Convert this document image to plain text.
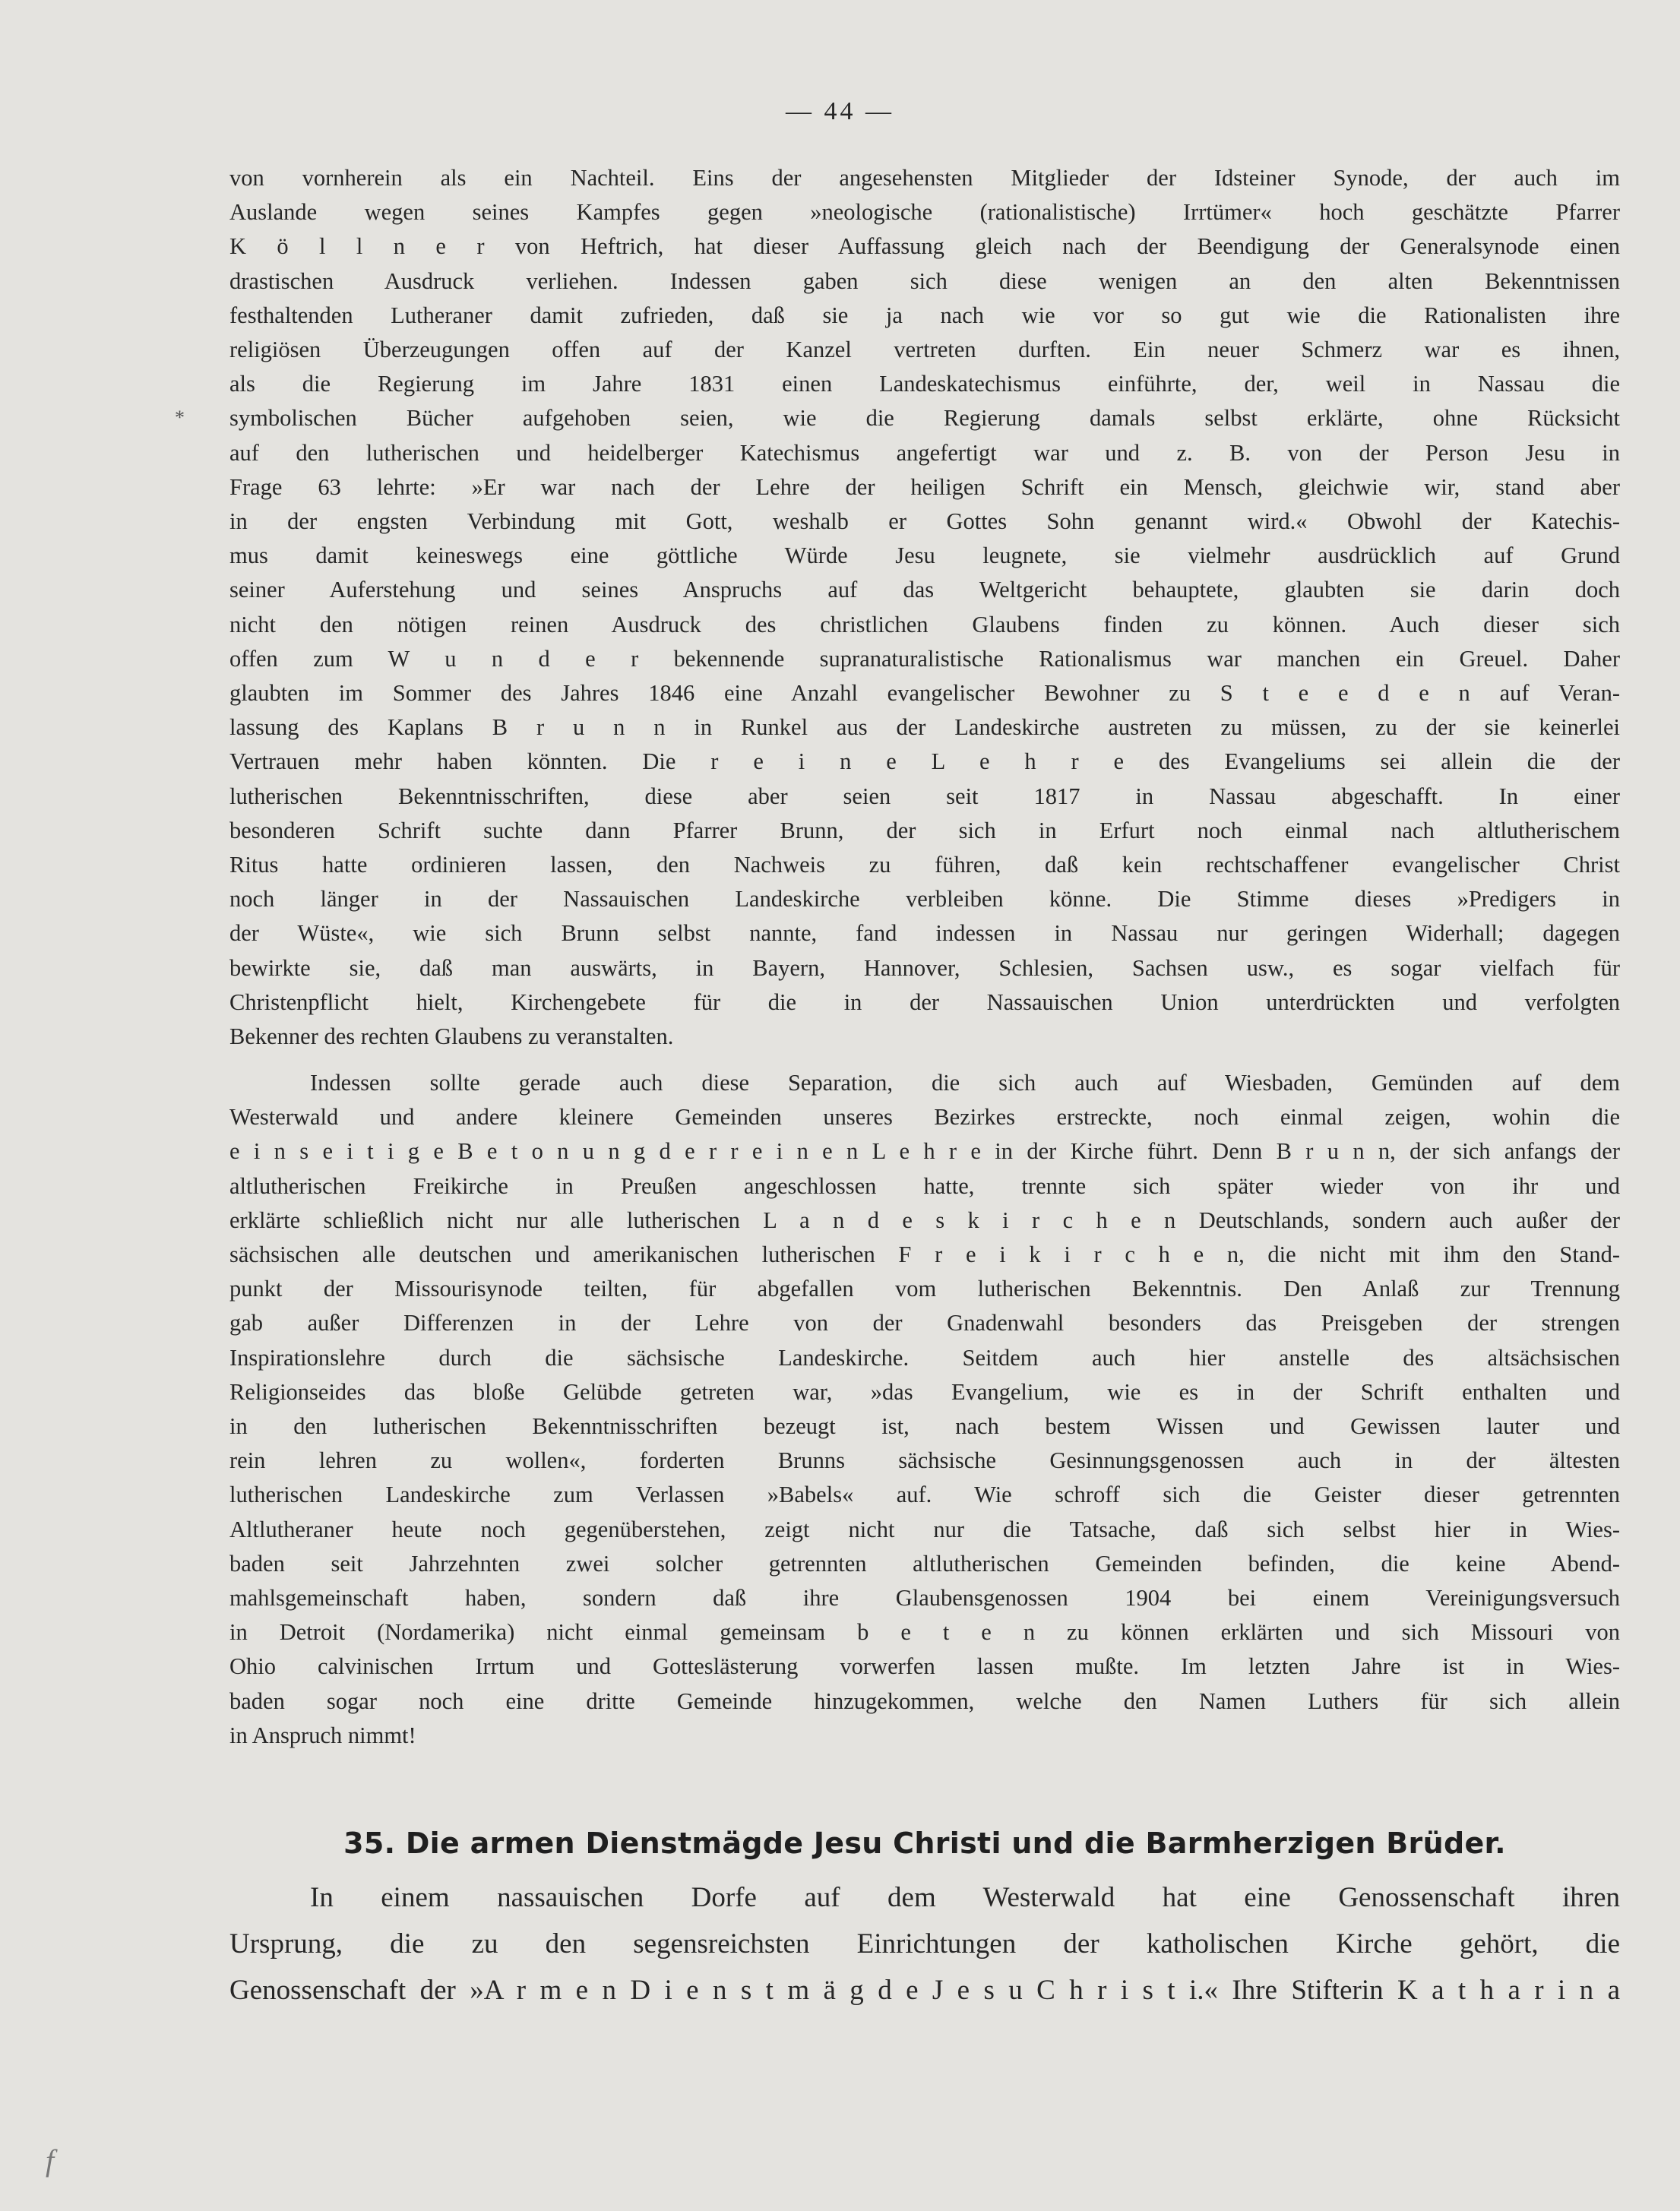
— 44 —

von vornherein als ein Nachteil. Eins der angesehensten Mitglieder der Idsteiner Synode, der auch im

Auslande wegen seines Kampfes gegen »neologische (rationalistische) Irrtümer« hoch geschätzte Pfarrer

K ö l l n e r von Heftrich, hat dieser Auffassung gleich nach der Beendigung der Generalsynode einen

drastischen Ausdruck verliehen. Indessen gaben sich diese wenigen an den alten Bekenntnissen

festhaltenden Lutheraner damit zufrieden, daß sie ja nach wie vor so gut wie die Rationalisten ihre

religiösen Überzeugungen offen auf der Kanzel vertreten durften. Ein neuer Schmerz war es ihnen,

als die Regierung im Jahre 1831 einen Landeskatechismus einführte, der, weil in Nassau die

symbolischen Bücher aufgehoben seien, wie die Regierung damals selbst erklärte, ohne Rücksicht

auf den lutherischen und heidelberger Katechismus angefertigt war und z. B. von der Person Jesu in

Frage 63 lehrte: »Er war nach der Lehre der heiligen Schrift ein Mensch, gleichwie wir, stand aber

in der engsten Verbindung mit Gott, weshalb er Gottes Sohn genannt wird.« Obwohl der Katechis-

mus damit keineswegs eine göttliche Würde Jesu leugnete, sie vielmehr ausdrücklich auf Grund

seiner Auferstehung und seines Anspruchs auf das Weltgericht behauptete, glaubten sie darin doch

nicht den nötigen reinen Ausdruck des christlichen Glaubens finden zu können. Auch dieser sich

offen zum W u n d e r bekennende supranaturalistische Rationalismus war manchen ein Greuel. Daher

glaubten im Sommer des Jahres 1846 eine Anzahl evangelischer Bewohner zu S t e e d e n auf Veran-

lassung des Kaplans B r u n n in Runkel aus der Landeskirche austreten zu müssen, zu der sie keinerlei

Vertrauen mehr haben könnten. Die r e i n e L e h r e des Evangeliums sei allein die der

lutherischen Bekenntnisschriften, diese aber seien seit 1817 in Nassau abgeschafft. In einer

besonderen Schrift suchte dann Pfarrer Brunn, der sich in Erfurt noch einmal nach altlutherischem

Ritus hatte ordinieren lassen, den Nachweis zu führen, daß kein rechtschaffener evangelischer Christ

noch länger in der Nassauischen Landeskirche verbleiben könne. Die Stimme dieses »Predigers in

der Wüste«, wie sich Brunn selbst nannte, fand indessen in Nassau nur geringen Widerhall; dagegen

bewirkte sie, daß man auswärts, in Bayern, Hannover, Schlesien, Sachsen usw., es sogar vielfach für

Christenpflicht hielt, Kirchengebete für die in der Nassauischen Union unterdrückten und verfolgten

Bekenner des rechten Glaubens zu veranstalten.

Indessen sollte gerade auch diese Separation, die sich auch auf Wiesbaden, Gemünden auf dem

Westerwald und andere kleinere Gemeinden unseres Bezirkes erstreckte, noch einmal zeigen, wohin die

e i n s e i t i g e B e t o n u n g d e r r e i n e n L e h r e in der Kirche führt. Denn B r u n n, der sich anfangs der

altlutherischen Freikirche in Preußen angeschlossen hatte, trennte sich später wieder von ihr und

erklärte schließlich nicht nur alle lutherischen L a n d e s k i r c h e n Deutschlands, sondern auch außer der

sächsischen alle deutschen und amerikanischen lutherischen F r e i k i r c h e n, die nicht mit ihm den Stand-

punkt der Missourisynode teilten, für abgefallen vom lutherischen Bekenntnis. Den Anlaß zur Trennung

gab außer Differenzen in der Lehre von der Gnadenwahl besonders das Preisgeben der strengen

Inspirationslehre durch die sächsische Landeskirche. Seitdem auch hier anstelle des altsächsischen

Religionseides das bloße Gelübde getreten war, »das Evangelium, wie es in der Schrift enthalten und

in den lutherischen Bekenntnisschriften bezeugt ist, nach bestem Wissen und Gewissen lauter und

rein lehren zu wollen«, forderten Brunns sächsische Gesinnungsgenossen auch in der ältesten

lutherischen Landeskirche zum Verlassen »Babels« auf. Wie schroff sich die Geister dieser getrennten

Altlutheraner heute noch gegenüberstehen, zeigt nicht nur die Tatsache, daß sich selbst hier in Wies-

baden seit Jahrzehnten zwei solcher getrennten altlutherischen Gemeinden befinden, die keine Abend-

mahlsgemeinschaft haben, sondern daß ihre Glaubensgenossen 1904 bei einem Vereinigungsversuch

in Detroit (Nordamerika) nicht einmal gemeinsam b e t e n zu können erklärten und sich Missouri von

Ohio calvinischen Irrtum und Gotteslästerung vorwerfen lassen mußte. Im letzten Jahre ist in Wies-

baden sogar noch eine dritte Gemeinde hinzugekommen, welche den Namen Luthers für sich allein

in Anspruch nimmt!

35. Die armen Dienstmägde Jesu Christi und die Barmherzigen Brüder.

In einem nassauischen Dorfe auf dem Westerwald hat eine Genossenschaft ihren

Ursprung, die zu den segensreichsten Einrichtungen der katholischen Kirche gehört, die

Genossenschaft der »A r m e n D i e n s t m ä g d e J e s u C h r i s t i.« Ihre Stifterin K a t h a r i n a

*
f
